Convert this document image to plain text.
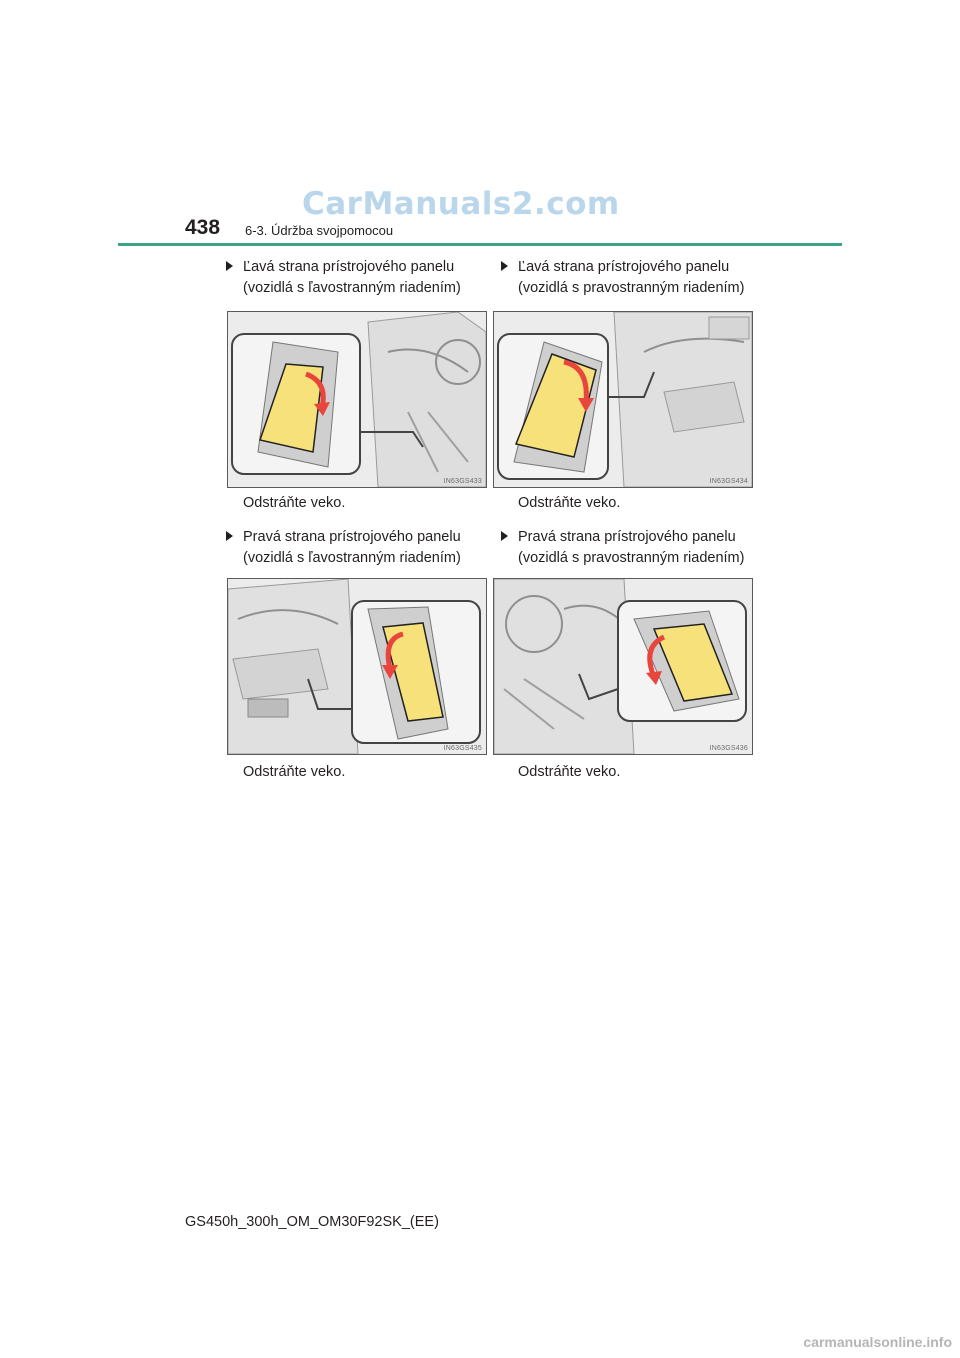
CarManuals2.com
438 6-3. Údržba svojpomocou
Ľavá strana prístrojového panelu
(vozidlá s ľavostranným riadením)
IN63GS433
Odstráňte veko.
Ľavá strana prístrojového panelu
(vozidlá s pravostranným riadením)
IN63GS434
Odstráňte veko.
Pravá strana prístrojového panelu
(vozidlá s ľavostranným riadením)
IN63GS435
Odstráňte veko.
Pravá strana prístrojového panelu
(vozidlá s pravostranným riadením)
IN63GS436
Odstráňte veko.
GS450h_300h_OM_OM30F92SK_(EE)
carmanualsonline.info
